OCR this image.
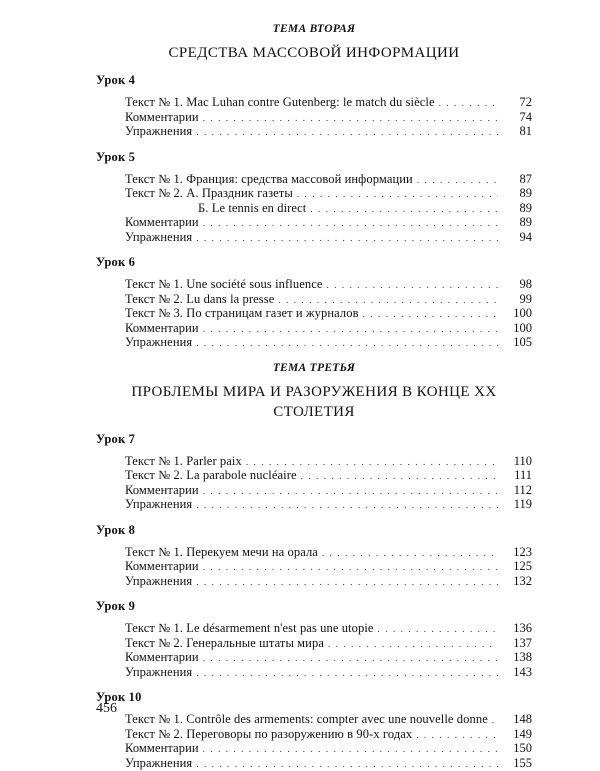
ТЕМА ВТОРАЯ

СРЕДСТВА МАССОВОЙ ИНФОРМАЦИИ

Урок 4

Текст № 1. Mac Luhan contre Gutenberg: le match du siècle . . .	72
Комментарии . . .	74
Упражнения . . .	81

Урок 5

Текст № 1. Франция: средства массовой информации . . .	87
Текст № 2. А. Праздник газеты . . .	89
Б. Le tennis en direct . . .	89
Комментарии . . .	89
Упражнения . . .	94

Урок 6

Текст № 1. Une société sous influence . . .	98
Текст № 2. Lu dans la presse . . .	99
Текст № 3. По страницам газет и журналов . . .	100
Комментарии . . .	100
Упражнения . . .	105

ТЕМА ТРЕТЬЯ

ПРОБЛЕМЫ МИРА И РАЗОРУЖЕНИЯ В КОНЦЕ XX СТОЛЕТИЯ

Урок 7

Текст № 1. Parler paix . . .	110
Текст № 2. La parabole nucléaire . . .	111
Комментарии . . .	112
Упражнения . . .	119

Урок 8

Текст № 1. Перекуем мечи на орала . . .	123
Комментарии . . .	125
Упражнения . . .	132

Урок 9

Текст № 1. Le désarmement n'est pas une utopie . . .	136
Текст № 2. Генеральные штаты мира . . .	137
Комментарии . . .	138
Упражнения . . .	143

Урок 10

Текст № 1. Contrôle des armements: compter avec une nouvelle donne . . .	148
Текст № 2. Переговоры по разоружению в 90-х годах . . .	149
Комментарии . . .	150
Упражнения . . .	155

456
